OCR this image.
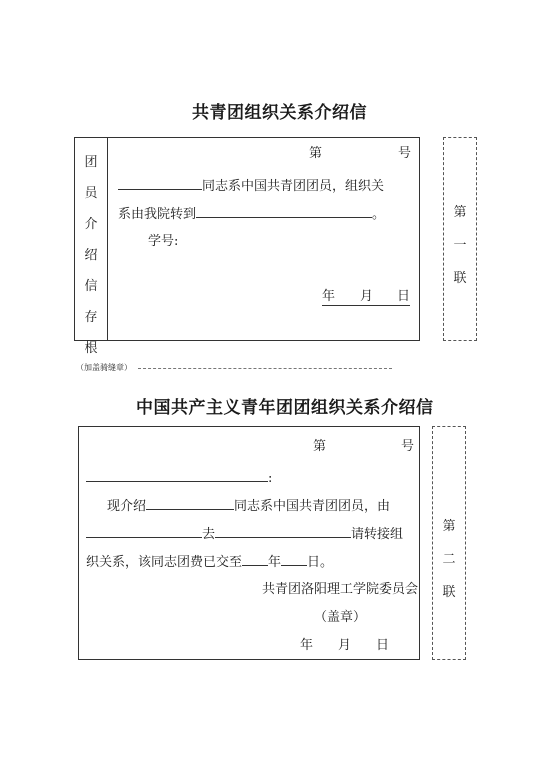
共青团组织关系介绍信
团
员
介
绍
信
存
根
第	号
同志系中国共青团团员，组织关
系由我院转到	。
学号:
年 月 日
第
一
联
（加盖骑缝章）
中国共产主义青年团团组织关系介绍信
第	号
:
现介绍	同志系中国共青团团员，由
去	请转接组
织关系，该同志团费已交至 年 日。
共青团洛阳理工学院委员会
（盖章）
年 月 日
第
二
联
